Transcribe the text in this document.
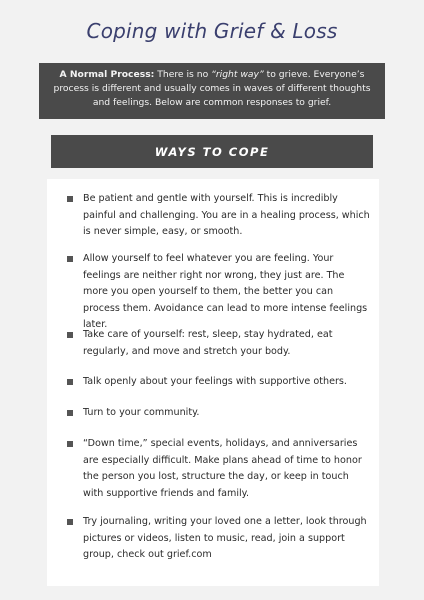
Coping with Grief & Loss
A Normal Process: There is no “right way” to grieve. Everyone’s process is different and usually comes in waves of different thoughts and feelings. Below are common responses to grief.
WAYS TO COPE
Be patient and gentle with yourself. This is incredibly painful and challenging. You are in a healing process, which is never simple, easy, or smooth.
Allow yourself to feel whatever you are feeling. Your feelings are neither right nor wrong, they just are. The more you open yourself to them, the better you can process them. Avoidance can lead to more intense feelings later.
Take care of yourself: rest, sleep, stay hydrated, eat regularly, and move and stretch your body.
Talk openly about your feelings with supportive others.
Turn to your community.
“Down time,” special events, holidays, and anniversaries are especially difficult. Make plans ahead of time to honor the person you lost, structure the day, or keep in touch with supportive friends and family.
Try journaling, writing your loved one a letter, look through pictures or videos, listen to music, read, join a support group, check out grief.com
